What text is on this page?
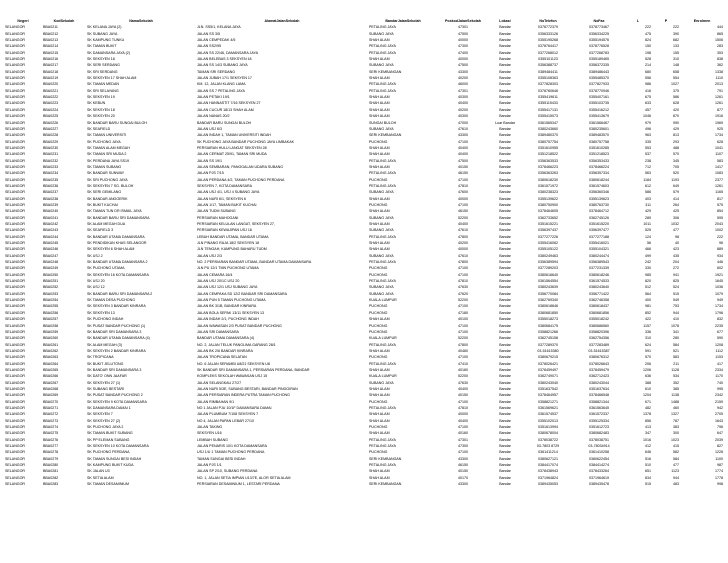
Negeri	KodSekolah	NamaSekolah	AlamatJalanSekolah	BandarJalanSekolah	PoskodJalanSekolah	Lokasi	NoTelefon	NoFax	L	P	Enrolmen
SELANGOR	BBA0211	SK KELANA JAYA (2)	JLN. SS5/1, KELANA JAYA	PETALING JAYA	47301	Bandar	0378772379	0378773467	222	222	444
SELANGOR	BBA0212	SK SUBANG JAYA	JALAN SS 3/5	SUBANG JAYA	47500	Bandar	0356333126	0356334225	475	390	865
SELANGOR	BBA0213	SK KAMPUNG TUNKU	JALAN CEMPEDAK 4/5	SHAH ALAM	40000	Bandar	0355195268	0355194576	824	682	1506
SELANGOR	BBA0214	SK TAMAN BUKIT	JALAN SS2/95	PETALING JAYA	47300	Bandar	0378764417	0378776528	150	133	283
SELANGOR	BBA0215	SK DAMANSARA JAYA (2)	JALAN SS 22/46, DAMANSARA JAYA	PETALING JAYA	47400	Bandar	0377268012	0377268783	198	155	353
SELANGOR	BBA0216	SK SEKSYEN 18	JALAN BELEBAS 3 SEKSYEN 18	SHAH ALAM	40000	Bandar	0355101123	0355189465	528	310	838
SELANGOR	BBA0217	SK SERI SERDANG	JALAN SS 14/3 SUBANG JAYA	SUBANG JAYA	47500	Bandar	0356388737	0356372335	214	148	362
SELANGOR	BBA0218	SK SRI SERDANG	TAMAN SRI SERDANG	SERI KEMBANGAN	43300	Bandar	0389484411	0389486443	680	658	1338
SELANGOR	BBA0219	SK SEKSYEN 17 SHAH ALAM	JALAN JUBAH 17/1 SEKSYEN 17	SHAH ALAM	40200	Bandar	0355108363	0355485370	556	554	1110
SELANGOR	BBA0220	SK TAMAN MEDAN	KM. 12, JALAN KLANG LAMA	PETALING JAYA	46000	Bandar	0377828303	0377827933	986	1027	2013
SELANGOR	BBA0221	SK SRI SELAYANG	JALAN SS 7 PETALING JAYA	PETALING JAYA	47301	Bandar	0378760646	0378770946	416	375	791
SELANGOR	BBA0222	SK SEKSYEN 19	JALAN PETAKI 19/1	SHAH ALAM	40300	Bandar	0355419611	0355407161	675	586	1261
SELANGOR	BBA0223	SK KEBUN	JALAN HANNASTIT 7/16 SEKSYEN 27	SHAH ALAM	40400	Bandar	0355115433	0355103735	633	628	1261
SELANGOR	BBA0224	SK SEKSYEN 18	JALAN CUCUR 18/13 SHAH ALAM	SHAH ALAM	40200	Bandar	0355417131	0355416212	457	420	877
SELANGOR	BBA0225	SK SEKSYEN 20	JALAN NANAS 20/2	SHAH ALAM	40300	Bandar	0355415073	0355413679	1046	870	1916
SELANGOR	BBA0226	SK BANDAR BARU SUNGAI BULOH	BANDAR BARU SUNGAI BULOH	SUNGAI BULOH	47000	Luar Bandar	0361565347	0361566467	979	990	1969
SELANGOR	BBA0227	SK SEAFIELD	JALAN USJ 6/3	SUBANG JAYA	47610	Bandar	0380243660	0380235601	496	429	925
SELANGOR	BBA0228	SK TAMAN UNIVERSITI	JALAN INDAH 1, TAMAN UNIVERSITI INDAH	SERI KEMBANGAN	43300	Bandar	0389480370	0389483570	963	813	1734
SELANGOR	BBA0229	SK PUCHONG JAYA	SK PUCHONG JAYA BANDAR PUCHONG JAYA LIMBAKAK	PUCHONG	47100	Bandar	0380757754	0380757758	335	293	628
SELANGOR	BBA0230	SK TAMAN ALAM MEGAH	PERSIARAN HULU LANGAT SEKSYEN 28	SHAH ALAM	40400	Bandar	0351610955	0351610285	553	488	1041
SELANGOR	BBA0231	SK TAMAN SRI MUDA 2	JALAN CERMAT 25/91, TAMAN SRI MUDA	SHAH ALAM	40400	Bandar	0351218522	0351218523	537	570	1107
SELANGOR	BBA0232	SK PERDANA JAYA SS19	JALAN SS 19/1	PETALING JAYA	47500	Bandar	0356363533	0356353433	238	345	583
SELANGOR	BBA0233	SK TAMAN SUBANG	JALAN SEMBARAN, PANGGALAN UDARA SUBANG	SHAH ALAM	40150	Bandar	0378466223	0378466224	712	705	1417
SELANGOR	BBA0234	SK BANDAR SUNWAY	JALAN PJS 7/15	PETALING JAYA	46150	Bandar	0356363263	0356357334	563	520	1083
SELANGOR	BBA0235	SK SRI PUCHONG JAYA	JALAN PERDANA 4/2, TAMAN PUCHONG PERDANA	PUCHONG	47100	Bandar	0380618230	0380618244	1184	1193	2377
SELANGOR	BBA0236	SK SEKSYEN 7 SG. BULOH	SEKSYEN 7, KOTA DAMANSARA	PETALING JAYA	47810	Bandar	0361571972	0361574603	612	649	1261
SELANGOR	BBA0237	SK SERI GEMILANG	JALAN USJ 4/1, USJ 4 SUBANG JAYA	SUBANG JAYA	47600	Bandar	0380238323	0356360346	586	579	1165
SELANGOR	BBA0238	SK BANDAR ANGGERIK	JALAN NURI 6/1, SEKSYEN 6	SHAH ALAM	40000	Bandar	0355139622	0355139623	403	414	817
SELANGOR	BBA0239	SK BUKIT KUCHAI	JALAN 1/17, TAMAN BUKIT KUCHAI	PUCHONG	47100	Bandar	0380750900	0380763730	311	264	575
SELANGOR	BBA0240	SK TAMAN TUN DR ISMAIL JAYA	JALAN TUDM SUBANG	SHAH ALAM	46150	Bandar	0378464605	0378464712	429	425	854
SELANGOR	BBA0241	SK BANDAR BARU SRI DAMANSARA	PERSIARAN MAHOGANI	SUBANG JAYA	52200	Bandar	0362733652	0362745126	289	306	595
SELANGOR	BBA0242	SK ALAM MEGAH DUA	PERSIARAN KELULAN LANGAT, SEKSYEN 27,	SHAH ALAM	40400	Bandar	0351615221	0351615220	1011	1032	2043
SELANGOR	BBA0243	SK SEAFIELD 3	PERSIARAN KEWAJIPAN USJ 16	SUBANG JAYA	47610	Bandar	0356397437	0356397477	525	477	1002
SELANGOR	BBA0244	SK BANDAR UTAMA DAMANSARA	LEBUH BANDAR UTAMA, BANDAR UTAMA	PETALING JAYA	47800	Bandar	0377277226	0377277188	124	98	222
SELANGOR	BBA0245	SK PENDIDIKAN KHAS SELANGOR	JLN PINANG RAJA 18/2 SEKSYEN 18	SHAH ALAM	40200	Bandar	0355416062	0355416021	56	40	96
SELANGOR	BBA0246	SK SEKSYEN 6 SHAH ALAM	JLN TENGAH, KAMPUNG BAHARU TUDM	SHAH ALAM	40000	Bandar	0355105122	0355104321	466	423	889
SELANGOR	BBA0247	SK USJ 2	JALAN USJ 2/3	SUBANG JAYA	47610	Bandar	0380249463	0380244474	499	435	934
SELANGOR	BBA0248	SK BANDAR UTAMA DAMANSARA 2	NO. 2 PERSIARAN BANDAR UTAMA, BANDAR UTAMA DAMANSARA	PETALING JAYA	47800	Bandar	0356389594	0356389543	242	204	446
SELANGOR	BBA0249	SK PUCHONG UTAMA	JLN PU 12/1 TMN PUCHONG UTAMA	PUCHONG	47100	Bandar	0377289203	0377231339	330	272	602
SELANGOR	BBA0250	SK SEKSYEN 16 KOTA DAMANSARA	JALAN CEMARA 16/4	PUCHONG	47100	Bandar	0380616640	0380618246	985	941	1921
SELANGOR	BBA0251	SK USJ 20	JALAN USJ 20/1C USJ 20	PETALING JAYA	47810	Bandar	0361564554	0361574533	820	825	1645
SELANGOR	BBA0252	SK USJ 12	JALAN USJ 12/1 USJ SUBANG JAYA	SUBANG JAYA	47630	Bandar	0380243639	0380243640	512	524	1036
SELANGOR	BBA0253	SK BANDAR BARU SRI DAMANSARA 2	JALAN CEMPAKA SD 12/2 BANDAR SRI DAMANSARA	SUBANG JAYA	47620	Bandar	0356770084	0356771422	564	515	1079
SELANGOR	BBA0254	SK TAMAN DESA PUCHONG	JALAN PUN 5 TAMAN PUCHONG UTAMA	KUALA LUMPUR	52200	Bandar	0362769340	0362746358	400	549	949
SELANGOR	BBA0255	SK SEKSYEN 3 BANDAR KINRARA	JALAN BK 3/1B, BANDAR KINRARA	PUCHONG	47100	Bandar	0380618846	0380618437	981	753	1734
SELANGOR	BBA0256	SK SEKSYEN 13	JALAN BOLA SEPAK 13/11 SEKSYEN 13	PUCHONG	47180	Bandar	0380681850	0380681856	852	944	1796
SELANGOR	BBA0257	SK PUCHONG INDAH	JALAN INDAH 2/1, PUCHONG INDAH	SHAH ALAM	40100	Bandar	0355018273	0355018242	422	410	832
SELANGOR	BBA0258	SK PUSAT BANDAR PUCHONG (1)	JALAN WAWASAN 2/3 PUSAT BANDAR PUCHONG	PUCHONG	47100	Bandar	0380684175	0380686560	1157	1078	2235
SELANGOR	BBA0259	SK BANDAR SRI DAMANSARA 3	JALAN SRI DAMANSARA	PUCHONG	47100	Bandar	0358821266	0358820396	336	341	677
SELANGOR	BBA0260	SK BANDAR UTAMA DAMANSARA (4)	BANDAR UTAMA DAMANSARA (4)	KUALA LUMPUR	52200	Bandar	0362745158	0362754356	310	280	590
SELANGOR	BBA0261	SK ALAM MEGAH (3)	NO. 2, JALAN TELUK PANGLIMA GARANG 28/1	PETALING JAYA	47800	Bandar	0377289370	0377283489	624	584	1208
SELANGOR	BBA0262	SK SEKSYEN 2 BANDAR KINRARA	JALAN BK 2/6 BANDAR KINRARA	SHAH ALAM	40460	Bandar	03-51615380	03-51615387	591	521	1112
SELANGOR	BBA0263	SK TROPICANA	JALAN TROPICANA SELATAN	PUCHONG	47100	Bandar	0380679215	0380676312	570	583	1153
SELANGOR	BBA0264	SK BUKIT JELUTONG	NO. 6 JALAN SERAMBI U8/21 SEKSYEN U8	PETALING JAYA	47410	Bandar	0378026421	0378026643	206	211	417
SELANGOR	BBA0265	SK BANDAR SRI DAMANSARA 3	SK BANDAR SRI DAMANSARA 1, PERSIARAN PERDANA, BANDAR	SHAH ALAM	40160	Bandar	0378459497	0378459479	1206	1128	2334
SELANGOR	BBA0266	SK DATO' ONN JAAFAR	KOMPLEKS SEKOLAH WAWASAN USJ 15	KUALA LUMPUR	52200	Bandar	0362749071	0362712423	636	534	1170
SELANGOR	BBA0267	SK SEKSYEN 27 (1)	JALAN SELANGKAU 27/27	SUBANG JAYA	47630	Bandar	0380243040	0380243044	388	352	740
SELANGOR	BBA0268	SK SUBANG BESTARI	JALAN NURI 5/3E, SUBANG BESTARI, BANDAR PINGGIRAN	SHAH ALAM	40400	Bandar	0351637542	0351637634	610	385	995
SELANGOR	BBA0269	SK PUSAT BANDAR PUCHONG 2	JALAN PERSIARAN INDERA PUTRA TAMAN PUCHONG	SHAH ALAM	40150	Bandar	0378464957	0378466548	1204	1138	2342
SELANGOR	BBA0270	SK SEKSYEN 9 KOTA DAMANSARA	JALAN RIMBAHAN 9/1	PUCHONG	47100	Bandar	0358821271	0358821344	671	1488	2159
SELANGOR	BBA0271	SK DAMANSARA DAMAI 1	NO 1 JALAN PJU 10/1F DAMANSARA DAMAI	PETALING JAYA	47810	Bandar	0361569621	0361563645	482	460	942
SELANGOR	BBA0272	SK SEKSYEN 7	JALAN PLUMBUM 7/108 SEKSYEN 7	SHAH ALAM	40000	Bandar	0361574537	0361572337	1378	1327	2705
SELANGOR	BBA0273	SK SEKSYEN 27 (2)	NO 4, JALAN PAPAN LEBAR 27/10	SHAH ALAM	40400	Bandar	0355102013	0355125334	856	787	1643
SELANGOR	BBA0274	SK PUCHONG JAYA 2	JALAN TAKING	PUCHONG	47100	Bandar	0351613994	0351612723	413	383	796
SELANGOR	BBA0275	SK TAMAN BUKIT SUBANG	SEKSYEN U16	SHAH ALAM	40160	Bandar	0380678004	0380682483	347	300	647
SELANGOR	BBA0276	SK PP ELEMAN SUBANG	LEMBAH SUBANG	PETALING JAYA	47301	Bandar	0378038722	0378038751	1016	1023	2039
SELANGOR	BBA0277	SK SEKSYEN 10 KOTA DAMANSARA	JALAN PENARIS 10/1 KOTA DAMANSARA	PETALING JAYA	47300	Bandar	03-7803 8729	03-78034914	412	415	827
SELANGOR	BBA0278	SK PUCHONG PERDANA	USJ 1/U 1 TAMAN PUCHONG PERDANA	PUCHONG	47100	Bandar	0361411214	0361410258	646	582	1228
SELANGOR	BBA0279	SK TAMAN SUNGAI BESI INDAH	TAMAN SUNGAI BESI INDAH	SERI KEMBANGAN	43300	Bandar	0380627121	0380622454	516	584	1100
SELANGOR	BBA0280	SK KAMPUNG BUKIT KUDA	JALAN PJS 1/1	PETALING JAYA	46150	Bandar	0384417074	0384414274	510	477	987
SELANGOR	BBA0281	SK JALAN U3	JALAN SP 2/10, SUBANG PERDANA	SHAH ALAM	40150	Bandar	0378438943	0378433264	651	1123	1774
SELANGOR	BBA0282	SK SETIA ALAM	NO. 1, JALAN SETIA IMPIAN U13/7E, ALOR SETIA ALAM	SHAH ALAM	40170	Bandar	0371964824	0371964619	834	944	1778
SELANGOR	BBA0283	SK TAMAN DESAMINIUM	PERSIARAN DESAMINIUM 1, LESTARI PERDANA	SERI KEMBANGAN	43300	Bandar	0389435053	0389435478	515	483	998
